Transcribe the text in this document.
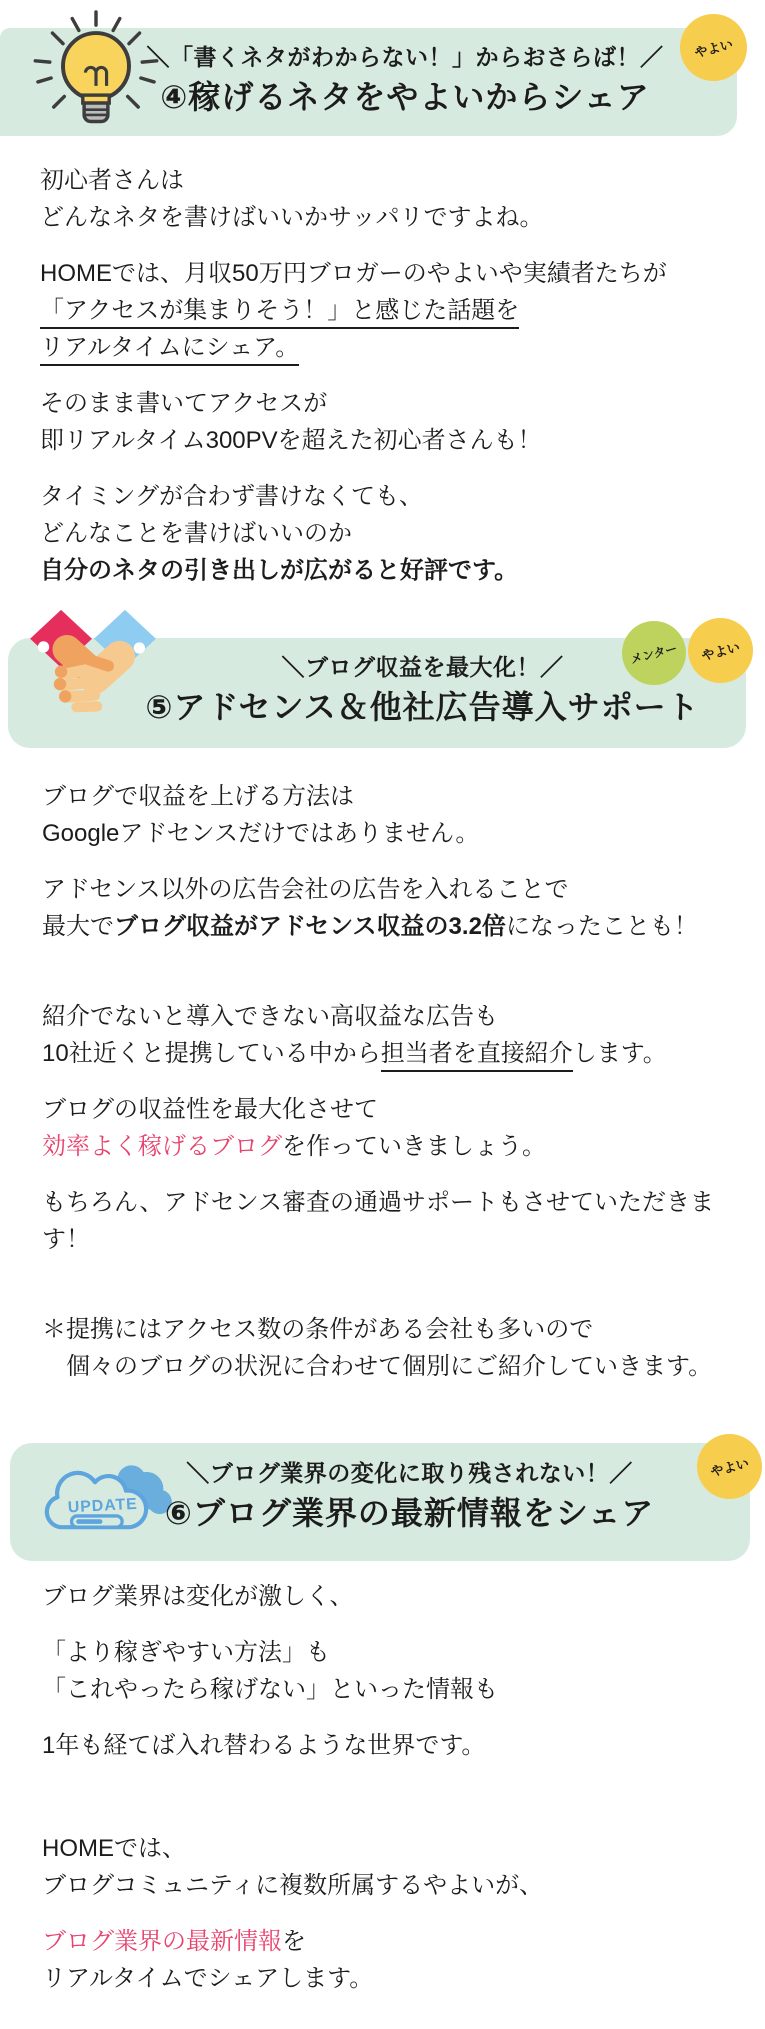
＼「書くネタがわからない！」からおさらば！／
④稼げるネタをやよいからシェア
やよい
初心者さんは
どんなネタを書けばいいかサッパリですよね。
HOMEでは、月収50万円ブロガーのやよいや実績者たちが
「アクセスが集まりそう！」と感じた話題を
リアルタイムにシェア。
そのまま書いてアクセスが
即リアルタイム300PVを超えた初心者さんも！
タイミングが合わず書けなくても、
どんなことを書けばいいのか
自分のネタの引き出しが広がると好評です。
＼ブログ収益を最大化！／
⑤アドセンス＆他社広告導入サポート
メンター やよい
ブログで収益を上げる方法は
Googleアドセンスだけではありません。
アドセンス以外の広告会社の広告を入れることで
最大でブログ収益がアドセンス収益の3.2倍になったことも！
紹介でないと導入できない高収益な広告も
10社近くと提携している中から担当者を直接紹介します。
ブログの収益性を最大化させて
効率よく稼げるブログを作っていきましょう。
もちろん、アドセンス審査の通過サポートもさせていただきま
す！
＊提携にはアクセス数の条件がある会社も多いので
　個々のブログの状況に合わせて個別にご紹介していきます。
UPDATE
＼ブログ業界の変化に取り残されない！／
⑥ブログ業界の最新情報をシェア
やよい
ブログ業界は変化が激しく、
「より稼ぎやすい方法」も
「これやったら稼げない」といった情報も
1年も経てば入れ替わるような世界です。
HOMEでは、
ブログコミュニティに複数所属するやよいが、
ブログ業界の最新情報を
リアルタイムでシェアします。
